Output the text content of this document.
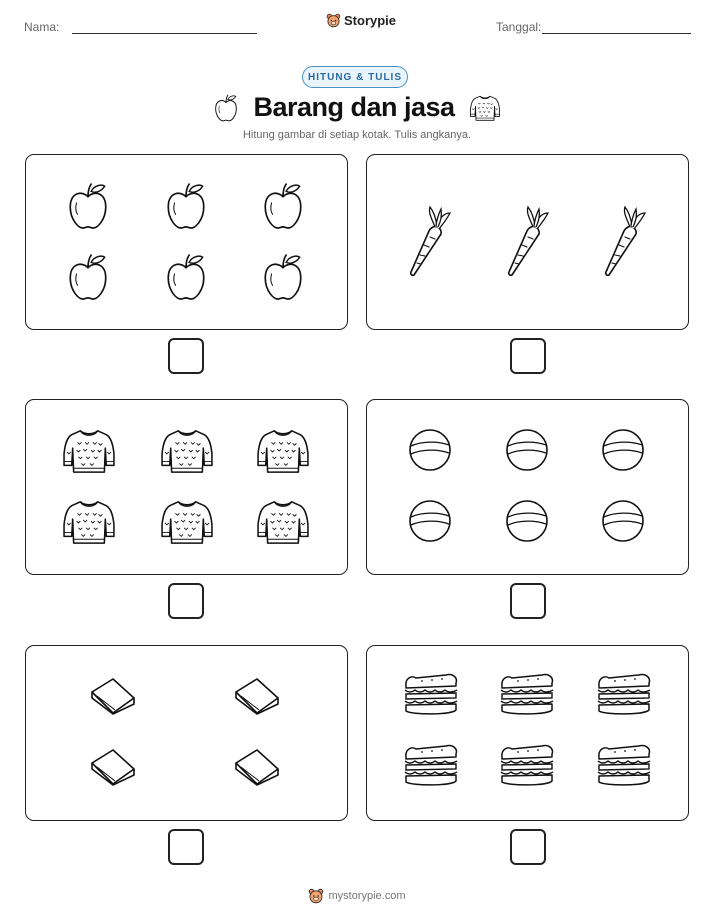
Nama:	Storypie	Tanggal:
HITUNG & TULIS
Barang dan jasa
Hitung gambar di setiap kotak. Tulis angkanya.
mystorypie.com
